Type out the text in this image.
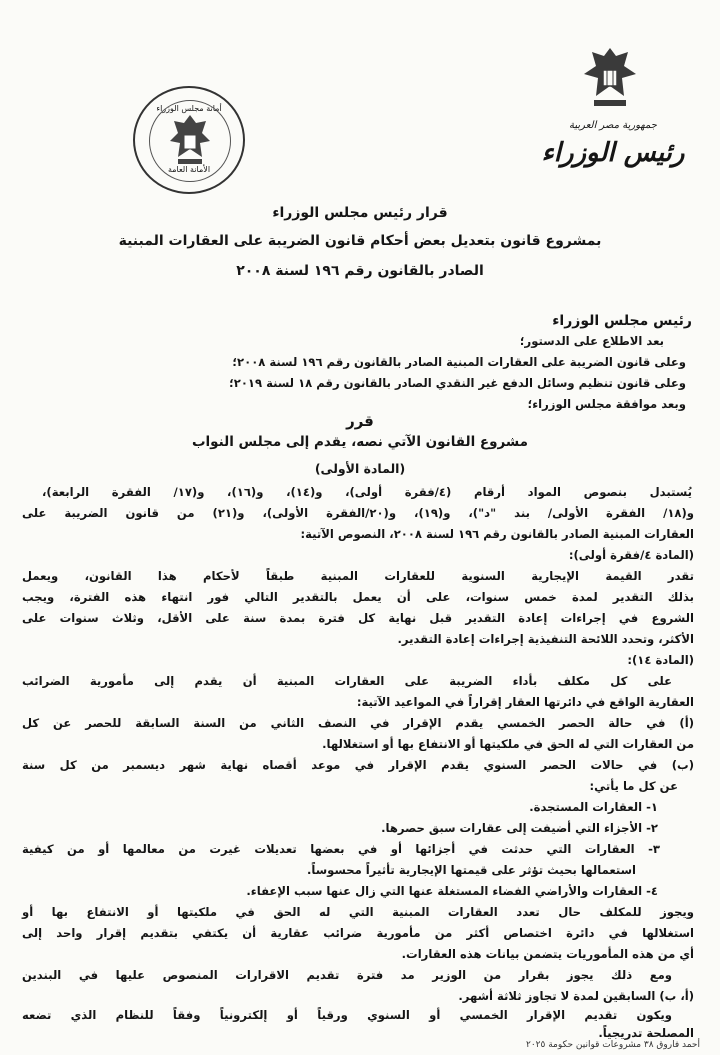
أمانة مجلس الوزراء
الأمانة العامة
جمهورية مصر العربية
رئيس الوزراء
قرار رئيس مجلس الوزراء
بمشروع قانون بتعديل بعض أحكام قانون الضريبة على العقارات المبنية
الصادر بالقانون رقم ١٩٦ لسنة ٢٠٠٨
رئيس مجلس الوزراء
بعد الاطلاع على الدستور؛
وعلى قانون الضريبة على العقارات المبنية الصادر بالقانون رقم ١٩٦ لسنة ٢٠٠٨؛
وعلى قانون تنظيم وسائل الدفع غير النقدي الصادر بالقانون رقم ١٨ لسنة ٢٠١٩؛
وبعد موافقة مجلس الوزراء؛
قرر
مشروع القانون الآتي نصه، يقدم إلى مجلس النواب
(المادة الأولى)
يُستبدل بنصوص المواد أرقام (٤/فقرة أولى)، و(١٤)، و(١٦)، و(١٧/ الفقرة الرابعة)،
و(١٨/ الفقرة الأولى/ بند "د")، و(١٩)، و(٢٠/الفقرة الأولى)، و(٢١) من قانون الضريبة على
العقارات المبنية الصادر بالقانون رقم ١٩٦ لسنة ٢٠٠٨، النصوص الآتية:
(المادة ٤/فقرة أولى):
تقدر القيمة الإيجارية السنوية للعقارات المبنية طبقاً لأحكام هذا القانون، ويعمل
بذلك التقدير لمدة خمس سنوات، على أن يعمل بالتقدير التالي فور انتهاء هذه الفترة، ويجب
الشروع في إجراءات إعادة التقدير قبل نهاية كل فترة بمدة سنة على الأقل، وثلاث سنوات على
الأكثر، وتحدد اللائحة التنفيذية إجراءات إعادة التقدير.
(المادة ١٤):
على كل مكلف بأداء الضريبة على العقارات المبنية أن يقدم إلى مأمورية الضرائب
العقارية الواقع في دائرتها العقار إقراراً في المواعيد الآتية:
(أ) في حالة الحصر الخمسي يقدم الإقرار في النصف الثاني من السنة السابقة للحصر عن كل
من العقارات التي له الحق في ملكيتها أو الانتفاع بها أو استغلالها.
(ب) في حالات الحصر السنوي يقدم الإقرار في موعد أقصاه نهاية شهر ديسمبر من كل سنة
عن كل ما يأتي:
١- العقارات المستجدة.
٢- الأجزاء التي أضيفت إلى عقارات سبق حصرها.
٣- العقارات التي حدثت في أجزائها أو في بعضها تعديلات غيرت من معالمها أو من كيفية
استعمالها بحيث تؤثر على قيمتها الإيجارية تأثيراً محسوساً.
٤- العقارات والأراضي الفضاء المستغلة عنها التي زال عنها سبب الإعفاء.
ويجوز للمكلف حال تعدد العقارات المبنية التي له الحق في ملكيتها أو الانتفاع بها أو
استغلالها في دائرة اختصاص أكثر من مأمورية ضرائب عقارية أن يكتفي بتقديم إقرار واحد إلى
أي من هذه المأموريات يتضمن بيانات هذه العقارات.
ومع ذلك يجوز بقرار من الوزير مد فترة تقديم الاقرارات المنصوص عليها في البندين
(أ، ب) السابقين لمدة لا تجاوز ثلاثة أشهر.
ويكون تقديم الإقرار الخمسي أو السنوي ورقياً أو إلكترونياً وفقاً للنظام الذي تضعه
المصلحة تدريجياً.
أحمد فاروق ٣٨ مشروعات قوانين حكومة ٢٠٢٥
